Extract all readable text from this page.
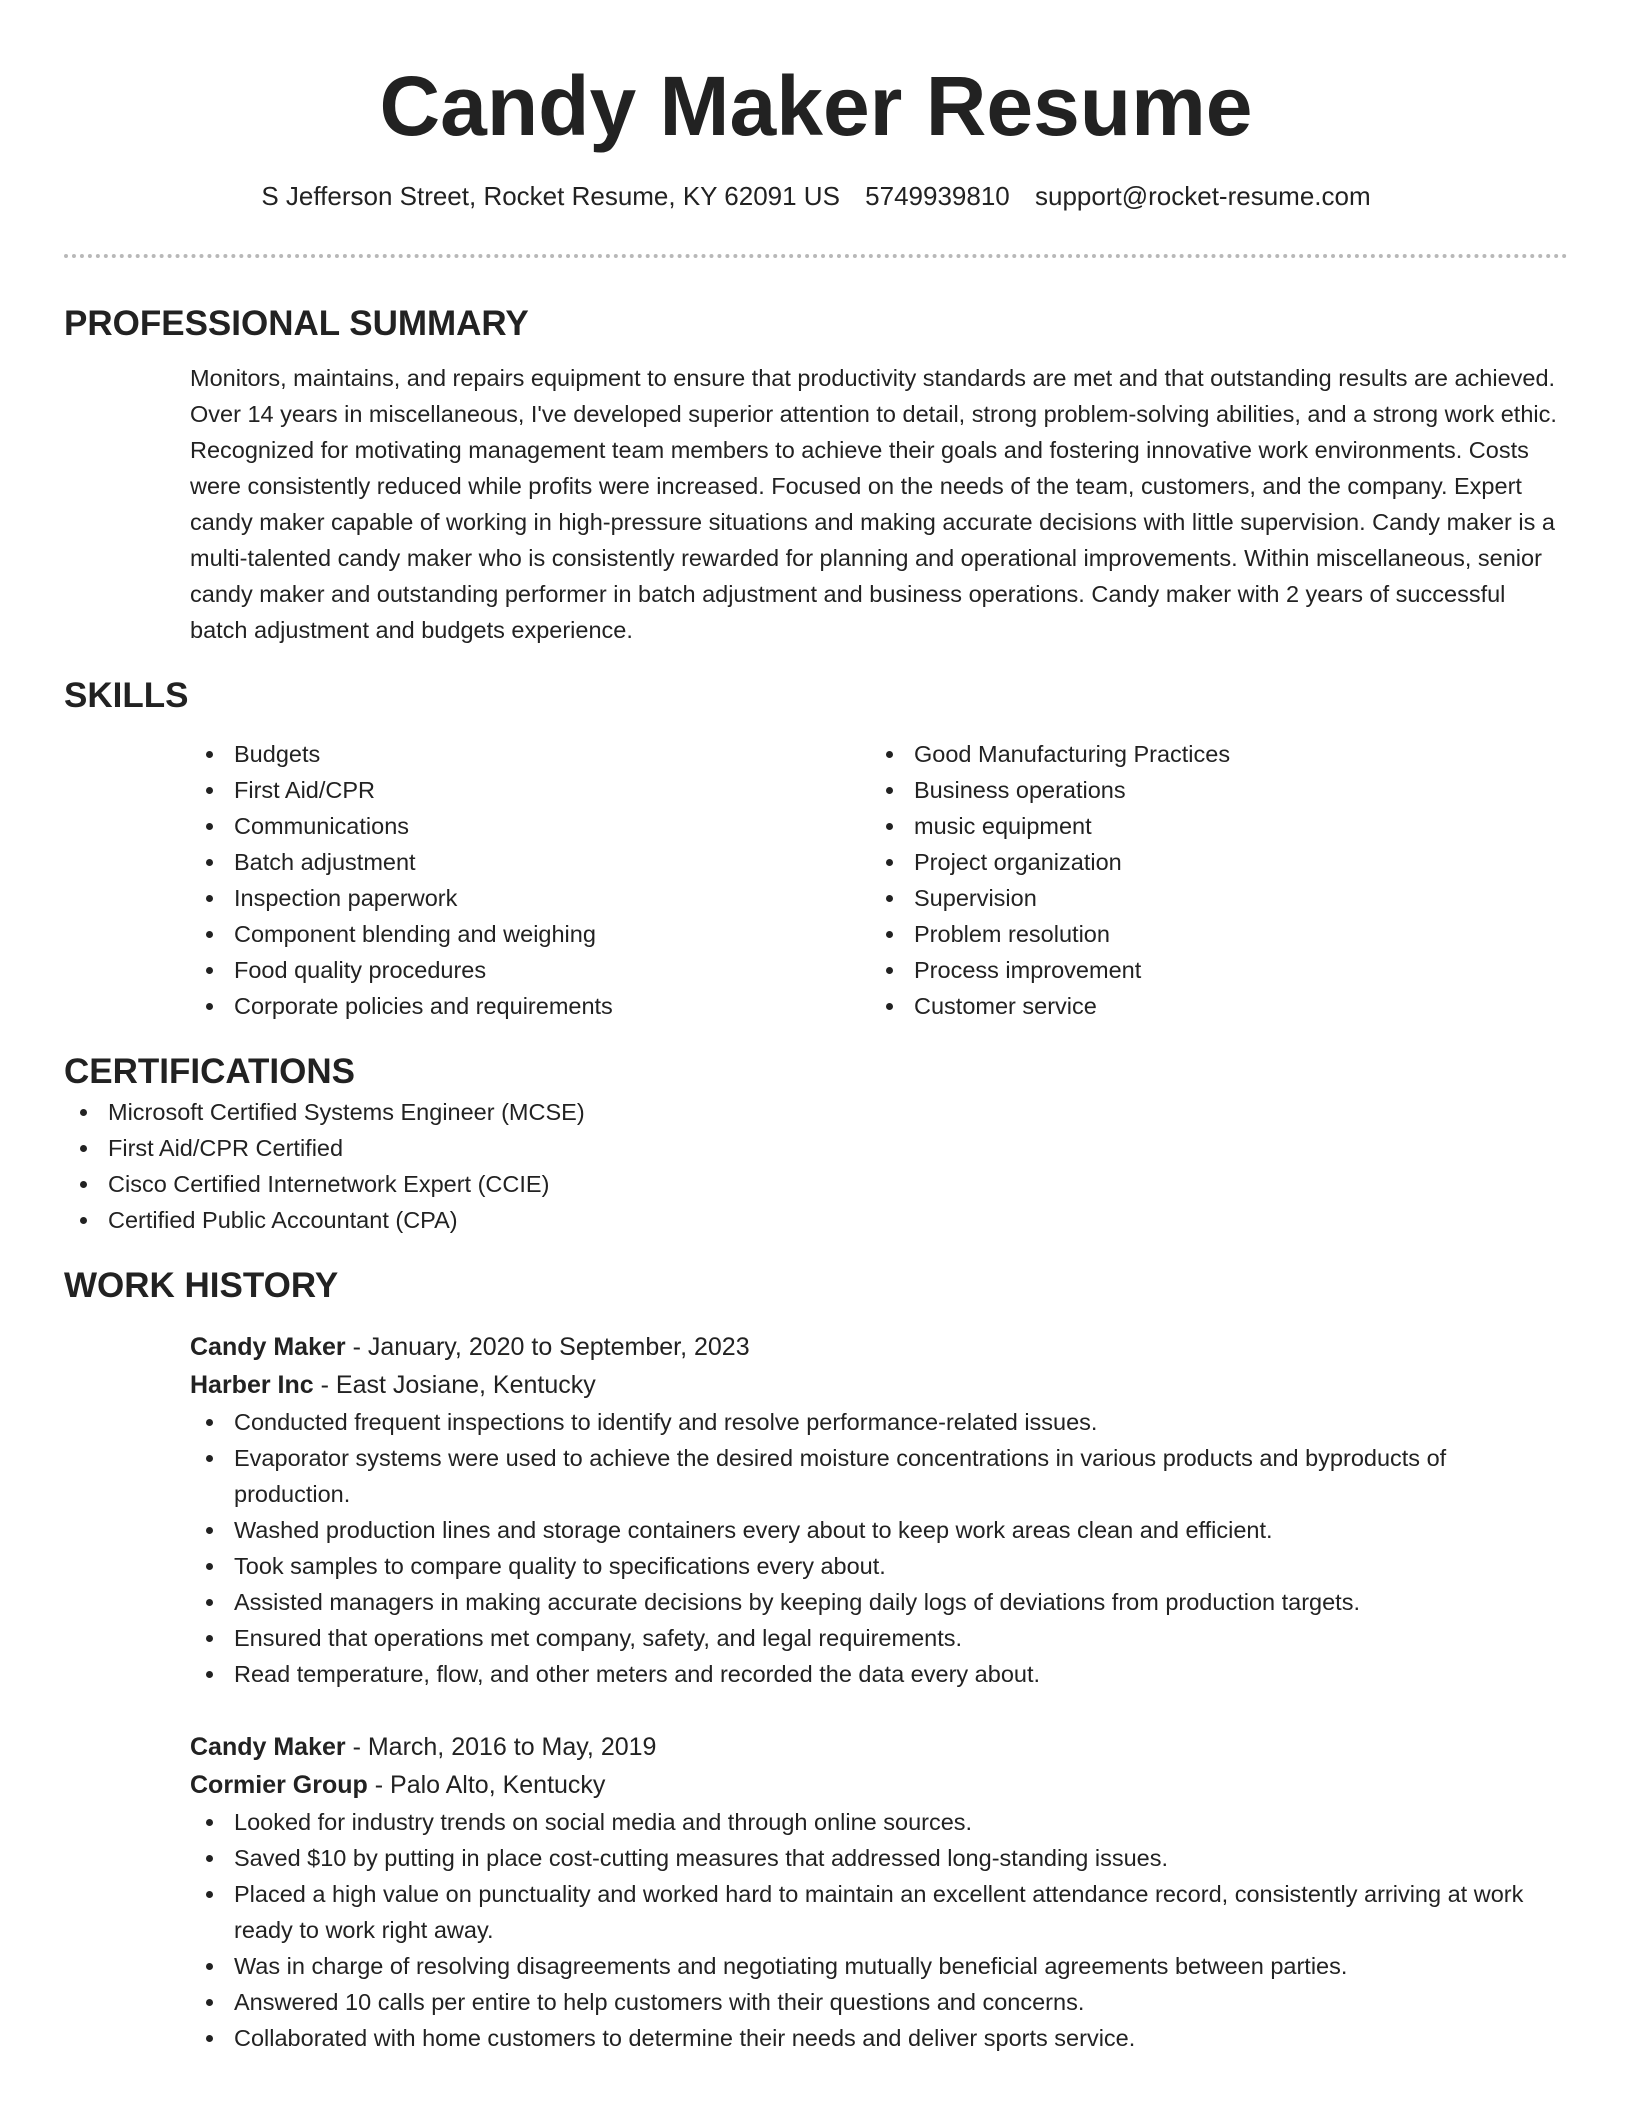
Candy Maker Resume
S Jefferson Street, Rocket Resume, KY 62091 US 5749939810 support@rocket-resume.com
PROFESSIONAL SUMMARY

Monitors, maintains, and repairs equipment to ensure that productivity standards are met and that outstanding results are achieved. Over 14 years in miscellaneous, I've developed superior attention to detail, strong problem-solving abilities, and a strong work ethic. Recognized for motivating management team members to achieve their goals and fostering innovative work environments. Costs were consistently reduced while profits were increased. Focused on the needs of the team, customers, and the company. Expert candy maker capable of working in high-pressure situations and making accurate decisions with little supervision. Candy maker is a multi-talented candy maker who is consistently rewarded for planning and operational improvements. Within miscellaneous, senior candy maker and outstanding performer in batch adjustment and business operations. Candy maker with 2 years of successful batch adjustment and budgets experience.

SKILLS
Budgets
First Aid/CPR
Communications
Batch adjustment
Inspection paperwork
Component blending and weighing
Food quality procedures
Corporate policies and requirements
Good Manufacturing Practices
Business operations
music equipment
Project organization
Supervision
Problem resolution
Process improvement
Customer service
CERTIFICATIONS
Microsoft Certified Systems Engineer (MCSE)
First Aid/CPR Certified
Cisco Certified Internetwork Expert (CCIE)
Certified Public Accountant (CPA)
WORK HISTORY
Candy Maker - January, 2020 to September, 2023
Harber Inc - East Josiane, Kentucky
Conducted frequent inspections to identify and resolve performance-related issues.
Evaporator systems were used to achieve the desired moisture concentrations in various products and byproducts of production.
Washed production lines and storage containers every about to keep work areas clean and efficient.
Took samples to compare quality to specifications every about.
Assisted managers in making accurate decisions by keeping daily logs of deviations from production targets.
Ensured that operations met company, safety, and legal requirements.
Read temperature, flow, and other meters and recorded the data every about.
Candy Maker - March, 2016 to May, 2019
Cormier Group - Palo Alto, Kentucky
Looked for industry trends on social media and through online sources.
Saved $10 by putting in place cost-cutting measures that addressed long-standing issues.
Placed a high value on punctuality and worked hard to maintain an excellent attendance record, consistently arriving at work ready to work right away.
Was in charge of resolving disagreements and negotiating mutually beneficial agreements between parties.
Answered 10 calls per entire to help customers with their questions and concerns.
Collaborated with home customers to determine their needs and deliver sports service.
